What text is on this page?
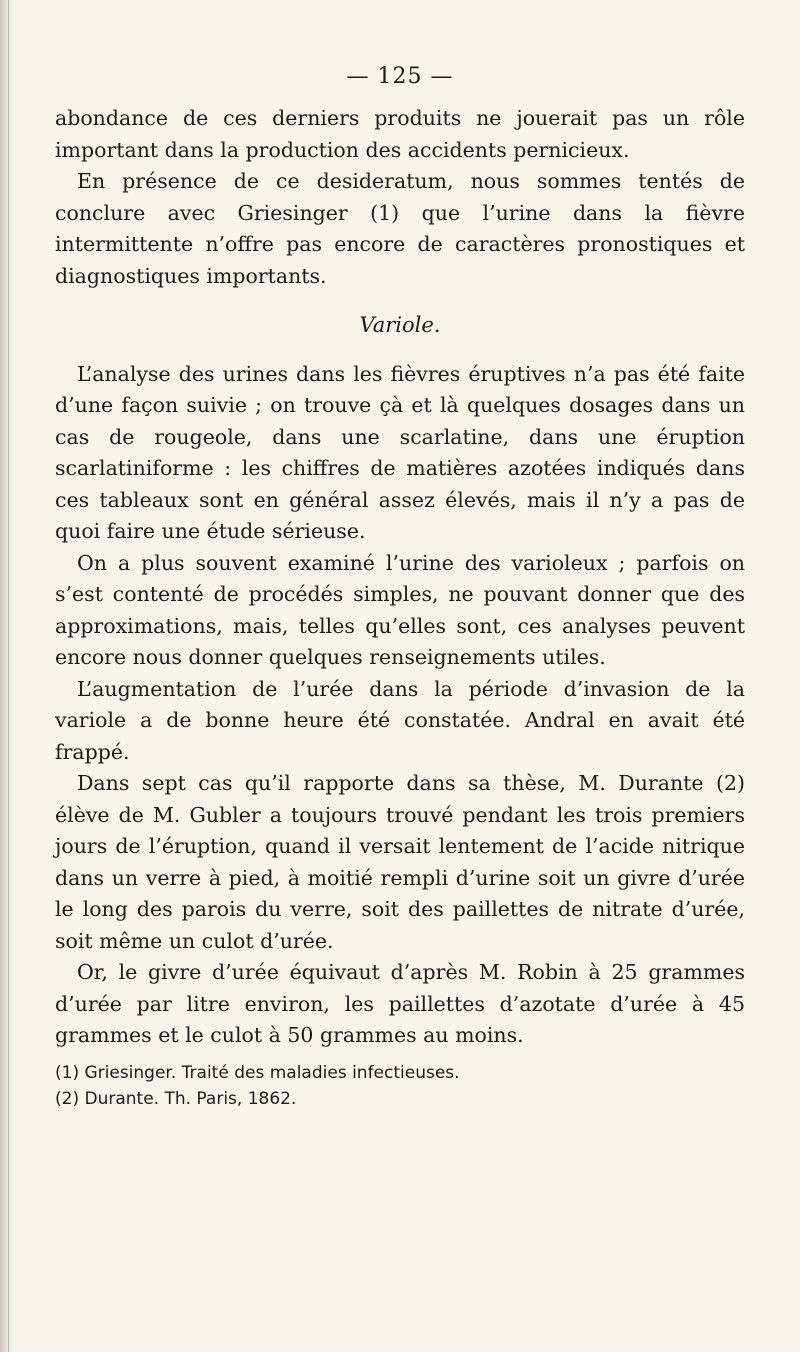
— 125 —

abondance de ces derniers produits ne jouerait pas un rôle important dans la production des accidents pernicieux.

En présence de ce desideratum, nous sommes tentés de conclure avec Griesinger (1) que l’urine dans la fièvre intermittente n’offre pas encore de caractères pronostiques et diagnostiques importants.

Variole.

L’analyse des urines dans les fièvres éruptives n’a pas été faite d’une façon suivie ; on trouve çà et là quelques dosages dans un cas de rougeole, dans une scarlatine, dans une éruption scarlatiniforme : les chiffres de matières azotées indiqués dans ces tableaux sont en général assez élevés, mais il n’y a pas de quoi faire une étude sérieuse.

On a plus souvent examiné l’urine des varioleux ; parfois on s’est contenté de procédés simples, ne pouvant donner que des approximations, mais, telles qu’elles sont, ces analyses peuvent encore nous donner quelques renseignements utiles.

L’augmentation de l’urée dans la période d’invasion de la variole a de bonne heure été constatée. Andral en avait été frappé.

Dans sept cas qu’il rapporte dans sa thèse, M. Durante (2) élève de M. Gubler a toujours trouvé pendant les trois premiers jours de l’éruption, quand il versait lentement de l’acide nitrique dans un verre à pied, à moitié rempli d’urine soit un givre d’urée le long des parois du verre, soit des paillettes de nitrate d’urée, soit même un culot d’urée.

Or, le givre d’urée équivaut d’après M. Robin à 25 grammes d’urée par litre environ, les paillettes d’azotate d’urée à 45 grammes et le culot à 50 grammes au moins.

(1) Griesinger. Traité des maladies infectieuses.
(2) Durante. Th. Paris, 1862.
